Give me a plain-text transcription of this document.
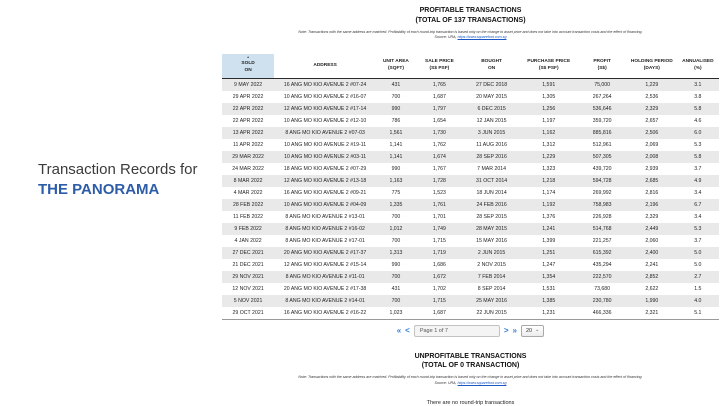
Transaction Records for
THE PANORAMA
PROFITABLE TRANSACTIONS
(TOTAL OF 137 TRANSACTIONS)
Note: Transactions with the same address are matched. Profitability of each round-trip transaction is based only on the change in asset price and does not take into account transaction costs and the effect of financing.
Source: URA, https://www.squarefoot.com.sg
▲
SOLD
ON

ADDRESS

UNIT AREA
(SQFT)

SALE PRICE
(S$ PSF)

BOUGHT
ON

PURCHASE PRICE
(S$ PSF)

PROFIT
(S$)

HOLDING PERIOD
(DAYS)

ANNUALISED
(%)

9 MAY 2022	16 ANG MO KIO AVENUE 2 #07-24	431	1,765	27 DEC 2018	1,591	75,000	1,229	3.1
29 APR 2022	10 ANG MO KIO AVENUE 2 #16-07	700	1,687	20 MAY 2015	1,305	267,264	2,536	3.8
22 APR 2022	12 ANG MO KIO AVENUE 2 #17-14	990	1,797	6 DEC 2015	1,256	536,646	2,329	5.8
22 APR 2022	10 ANG MO KIO AVENUE 2 #12-10	786	1,654	12 JAN 2015	1,197	359,720	2,657	4.6
13 APR 2022	8 ANG MO KIO AVENUE 2 #07-03	1,561	1,730	3 JUN 2015	1,162	885,816	2,506	6.0
11 APR 2022	10 ANG MO KIO AVENUE 2 #19-11	1,141	1,762	11 AUG 2016	1,312	512,961	2,069	5.3
29 MAR 2022	10 ANG MO KIO AVENUE 2 #03-11	1,141	1,674	28 SEP 2016	1,229	507,305	2,008	5.8
24 MAR 2022	18 ANG MO KIO AVENUE 2 #07-29	990	1,767	7 MAR 2014	1,323	439,720	2,939	3.7
8 MAR 2022	12 ANG MO KIO AVENUE 2 #13-18	1,163	1,728	31 OCT 2014	1,218	594,728	2,685	4.9
4 MAR 2022	16 ANG MO KIO AVENUE 2 #09-21	775	1,523	18 JUN 2014	1,174	269,992	2,816	3.4
28 FEB 2022	10 ANG MO KIO AVENUE 2 #04-09	1,335	1,761	24 FEB 2016	1,192	758,983	2,196	6.7
11 FEB 2022	8 ANG MO KIO AVENUE 2 #13-01	700	1,701	28 SEP 2015	1,376	226,928	2,329	3.4
9 FEB 2022	8 ANG MO KIO AVENUE 2 #16-02	1,012	1,749	28 MAY 2015	1,241	514,768	2,449	5.3
4 JAN 2022	8 ANG MO KIO AVENUE 2 #17-01	700	1,715	15 MAY 2016	1,399	221,257	2,060	3.7
27 DEC 2021	20 ANG MO KIO AVENUE 2 #17-37	1,313	1,719	2 JUN 2015	1,251	615,392	2,400	5.0
21 DEC 2021	12 ANG MO KIO AVENUE 2 #15-14	990	1,686	2 NOV 2015	1,247	435,294	2,241	5.0
29 NOV 2021	8 ANG MO KIO AVENUE 2 #11-01	700	1,672	7 FEB 2014	1,354	222,570	2,852	2.7
12 NOV 2021	20 ANG MO KIO AVENUE 2 #17-38	431	1,702	8 SEP 2014	1,531	73,680	2,622	1.5
5 NOV 2021	8 ANG MO KIO AVENUE 2 #14-01	700	1,715	25 MAY 2016	1,385	230,780	1,990	4.0
29 OCT 2021	16 ANG MO KIO AVENUE 2 #16-22	1,023	1,687	22 JUN 2015	1,231	466,336	2,321	5.1
« <	Page 1 of 7	> » 20 ⌄
UNPROFITABLE TRANSACTIONS
(TOTAL OF 0 TRANSACTION)
Note: Transactions with the same address are matched. Profitability of each round-trip transaction is based only on the change in asset price and does not take into account transaction costs and the effect of financing.
Source: URA, https://www.squarefoot.com.sg
There are no round-trip transactions
